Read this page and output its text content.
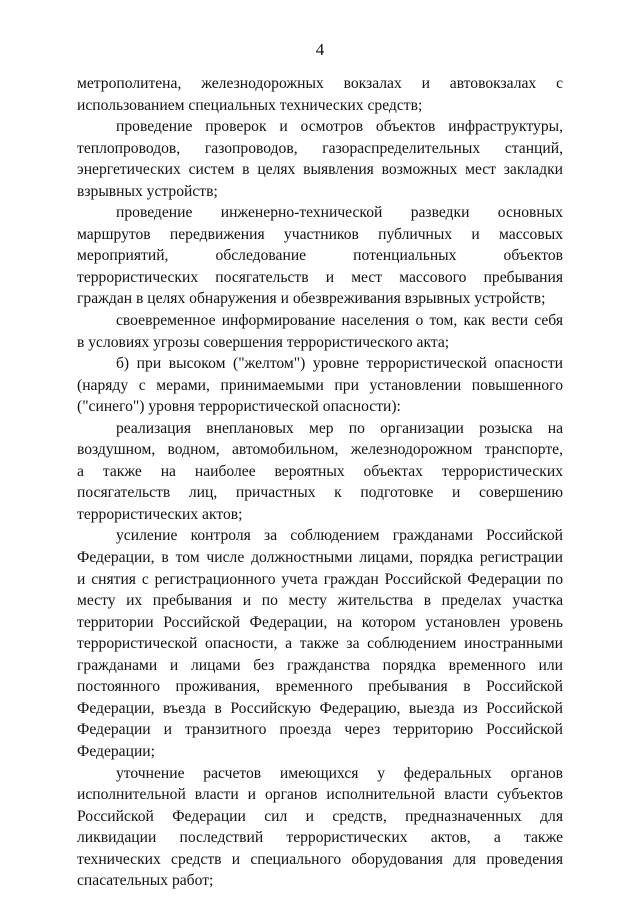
4
метрополитена, железнодорожных вокзалах и автовокзалах с
использованием специальных технических средств;
проведение проверок и осмотров объектов инфраструктуры,
теплопроводов, газопроводов, газораспределительных станций,
энергетических систем в целях выявления возможных мест закладки
взрывных устройств;
проведение инженерно-технической разведки основных
маршрутов передвижения участников публичных и массовых
мероприятий, обследование потенциальных объектов
террористических посягательств и мест массового пребывания
граждан в целях обнаружения и обезвреживания взрывных устройств;
своевременное информирование населения о том, как вести себя
в условиях угрозы совершения террористического акта;
б) при высоком ("желтом") уровне террористической опасности
(наряду с мерами, принимаемыми при установлении повышенного
("синего") уровня террористической опасности):
реализация внеплановых мер по организации розыска на
воздушном, водном, автомобильном, железнодорожном транспорте,
а также на наиболее вероятных объектах террористических
посягательств лиц, причастных к подготовке и совершению
террористических актов;
усиление контроля за соблюдением гражданами Российской
Федерации, в том числе должностными лицами, порядка регистрации
и снятия с регистрационного учета граждан Российской Федерации по
месту их пребывания и по месту жительства в пределах участка
территории Российской Федерации, на котором установлен уровень
террористической опасности, а также за соблюдением иностранными
гражданами и лицами без гражданства порядка временного или
постоянного проживания, временного пребывания в Российской
Федерации, въезда в Российскую Федерацию, выезда из Российской
Федерации и транзитного проезда через территорию Российской
Федерации;
уточнение расчетов имеющихся у федеральных органов
исполнительной власти и органов исполнительной власти субъектов
Российской Федерации сил и средств, предназначенных для
ликвидации последствий террористических актов, а также
технических средств и специального оборудования для проведения
спасательных работ;
